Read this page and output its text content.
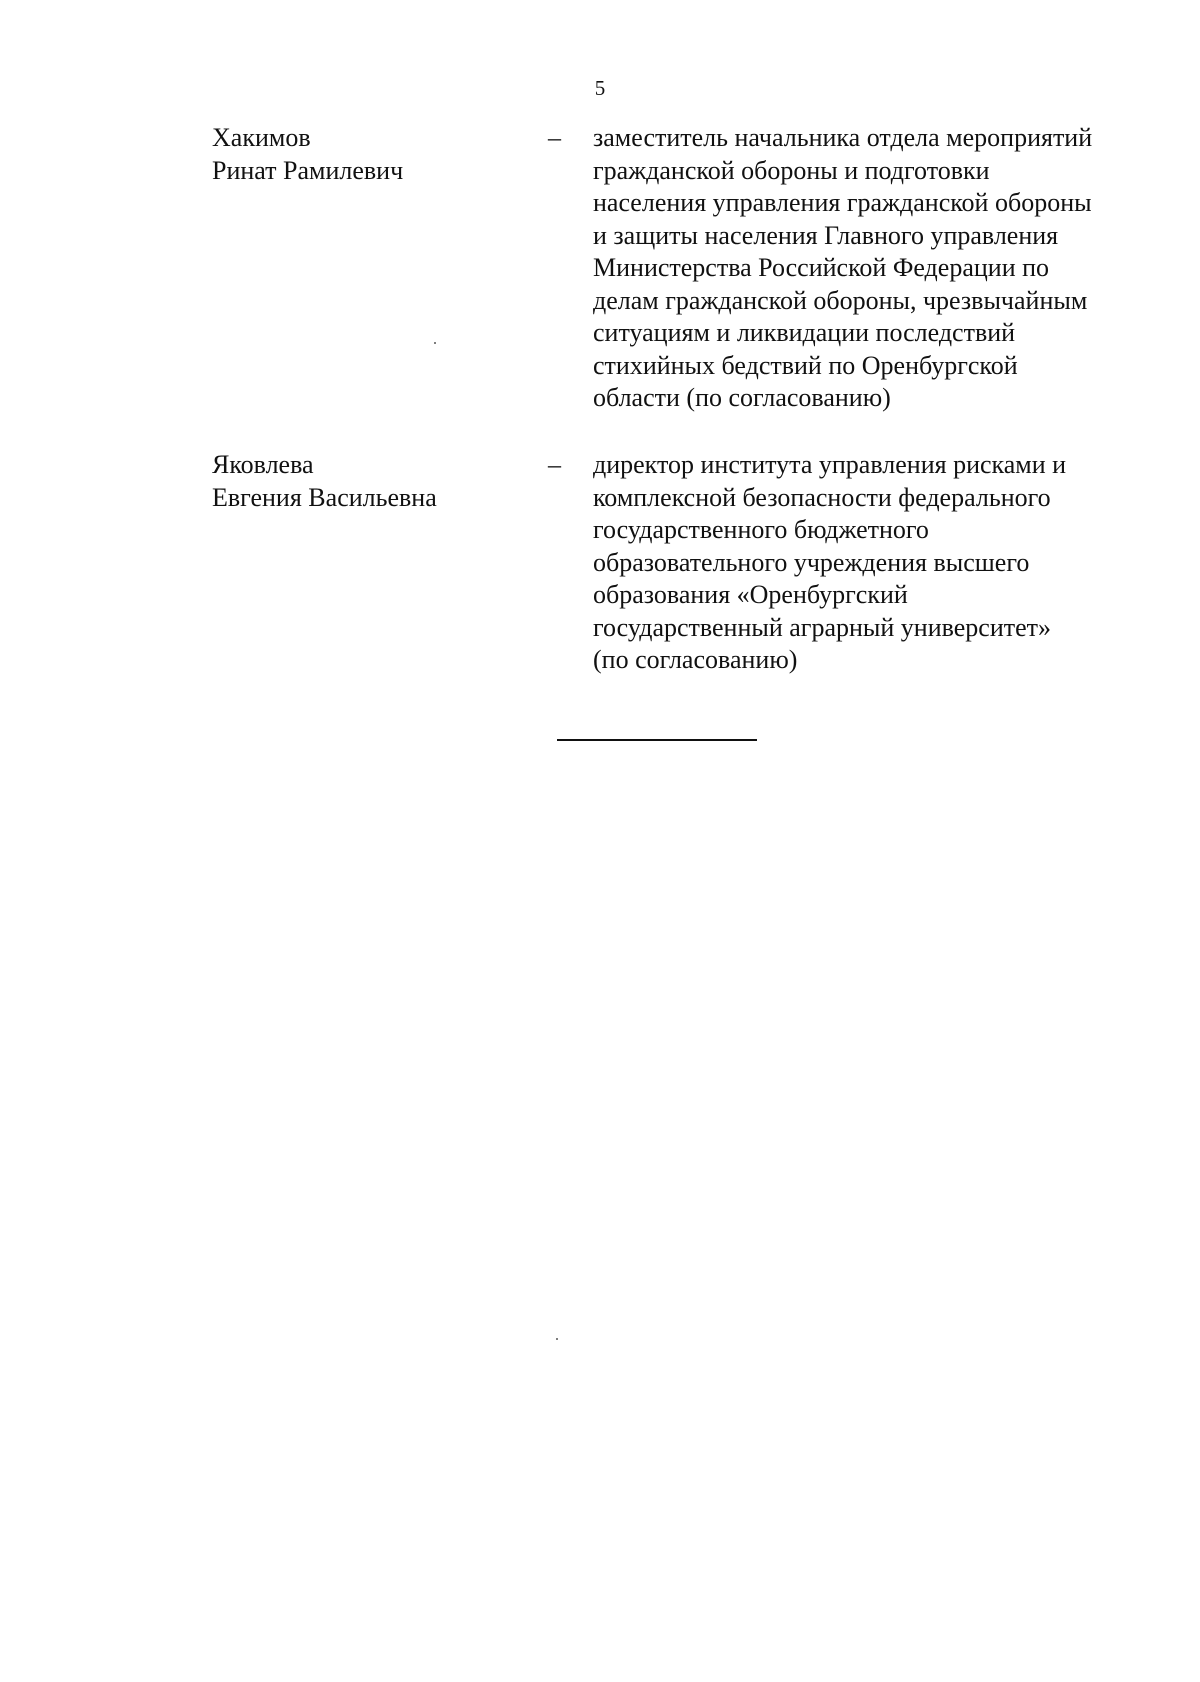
5
Хакимов
Ринат Рамилевич
– заместитель начальника отдела мероприятий
гражданской обороны и подготовки
населения управления гражданской обороны
и защиты населения Главного управления
Министерства Российской Федерации по
делам гражданской обороны, чрезвычайным
ситуациям и ликвидации последствий
стихийных бедствий по Оренбургской
области (по согласованию)
Яковлева
Евгения Васильевна
– директор института управления рисками и
комплексной безопасности федерального
государственного бюджетного
образовательного учреждения высшего
образования «Оренбургский
государственный аграрный университет»
(по согласованию)
